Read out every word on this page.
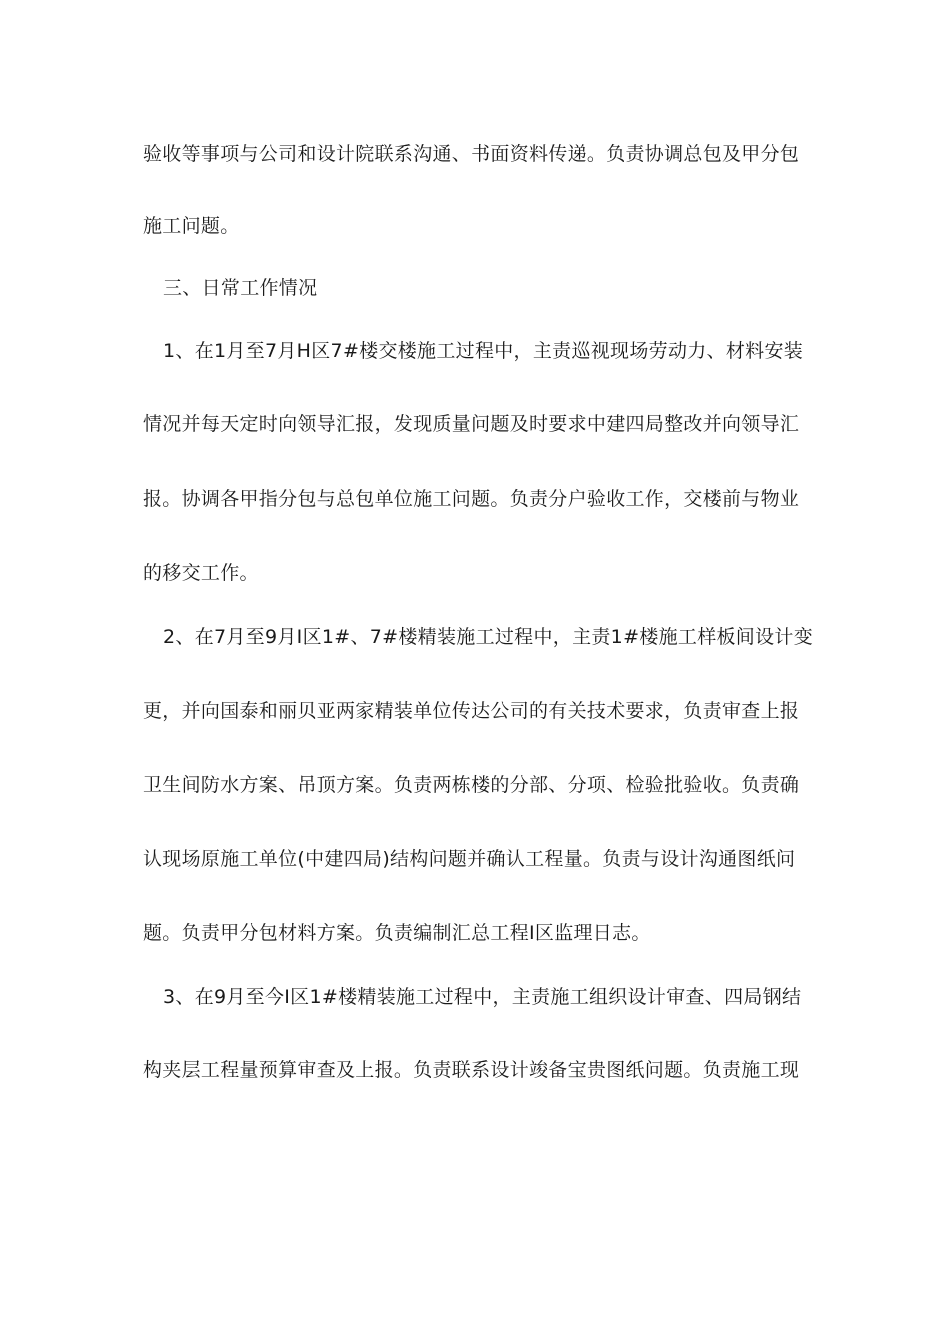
验收等事项与公司和设计院联系沟通、书面资料传递。负责协调总包及甲分包
施工问题。
三、日常工作情况
1、在1月至7月H区7#楼交楼施工过程中，主责巡视现场劳动力、材料安装
情况并每天定时向领导汇报，发现质量问题及时要求中建四局整改并向领导汇
报。协调各甲指分包与总包单位施工问题。负责分户验收工作，交楼前与物业
的移交工作。
2、在7月至9月I区1#、7#楼精装施工过程中，主责1#楼施工样板间设计变
更，并向国泰和丽贝亚两家精装单位传达公司的有关技术要求，负责审查上报
卫生间防水方案、吊顶方案。负责两栋楼的分部、分项、检验批验收。负责确
认现场原施工单位(中建四局)结构问题并确认工程量。负责与设计沟通图纸问
题。负责甲分包材料方案。负责编制汇总工程I区监理日志。
3、在9月至今I区1#楼精装施工过程中，主责施工组织设计审查、四局钢结
构夹层工程量预算审查及上报。负责联系设计竣备宝贵图纸问题。负责施工现
